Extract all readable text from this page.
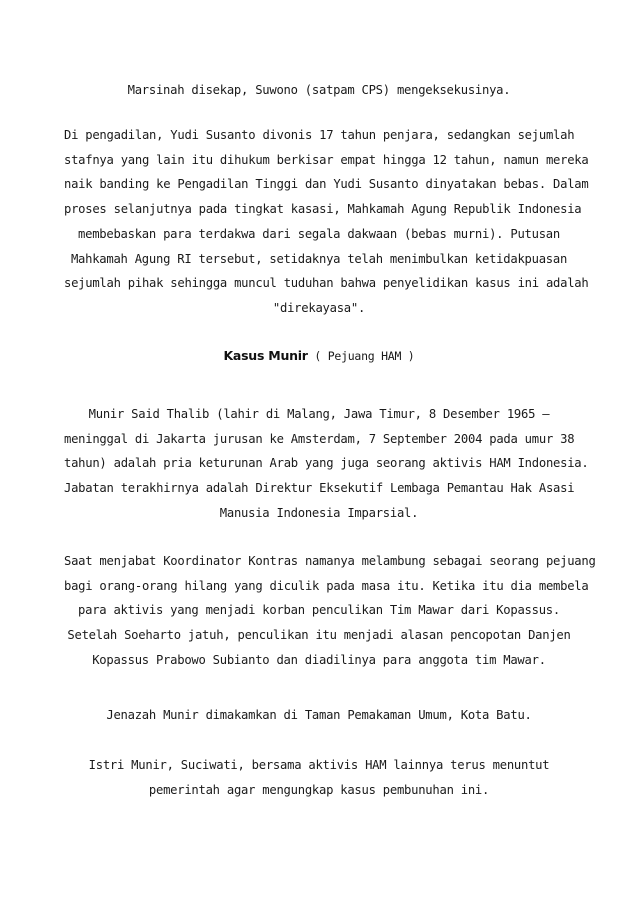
Marsinah disekap, Suwono (satpam CPS) mengeksekusinya.
Di pengadilan, Yudi Susanto divonis 17 tahun penjara, sedangkan sejumlah
stafnya yang lain itu dihukum berkisar empat hingga 12 tahun, namun mereka
naik banding ke Pengadilan Tinggi dan Yudi Susanto dinyatakan bebas. Dalam
proses selanjutnya pada tingkat kasasi, Mahkamah Agung Republik Indonesia
membebaskan para terdakwa dari segala dakwaan (bebas murni). Putusan
Mahkamah Agung RI tersebut, setidaknya telah menimbulkan ketidakpuasan
sejumlah pihak sehingga muncul tuduhan bahwa penyelidikan kasus ini adalah
"direkayasa".
Kasus Munir ( Pejuang HAM )
Munir Said Thalib (lahir di Malang, Jawa Timur, 8 Desember 1965 –
meninggal di Jakarta jurusan ke Amsterdam, 7 September 2004 pada umur 38
tahun) adalah pria keturunan Arab yang juga seorang aktivis HAM Indonesia.
Jabatan terakhirnya adalah Direktur Eksekutif Lembaga Pemantau Hak Asasi
Manusia Indonesia Imparsial.
Saat menjabat Koordinator Kontras namanya melambung sebagai seorang pejuang
bagi orang-orang hilang yang diculik pada masa itu. Ketika itu dia membela
para aktivis yang menjadi korban penculikan Tim Mawar dari Kopassus.
Setelah Soeharto jatuh, penculikan itu menjadi alasan pencopotan Danjen
Kopassus Prabowo Subianto dan diadilinya para anggota tim Mawar.
Jenazah Munir dimakamkan di Taman Pemakaman Umum, Kota Batu.
Istri Munir, Suciwati, bersama aktivis HAM lainnya terus menuntut
pemerintah agar mengungkap kasus pembunuhan ini.
